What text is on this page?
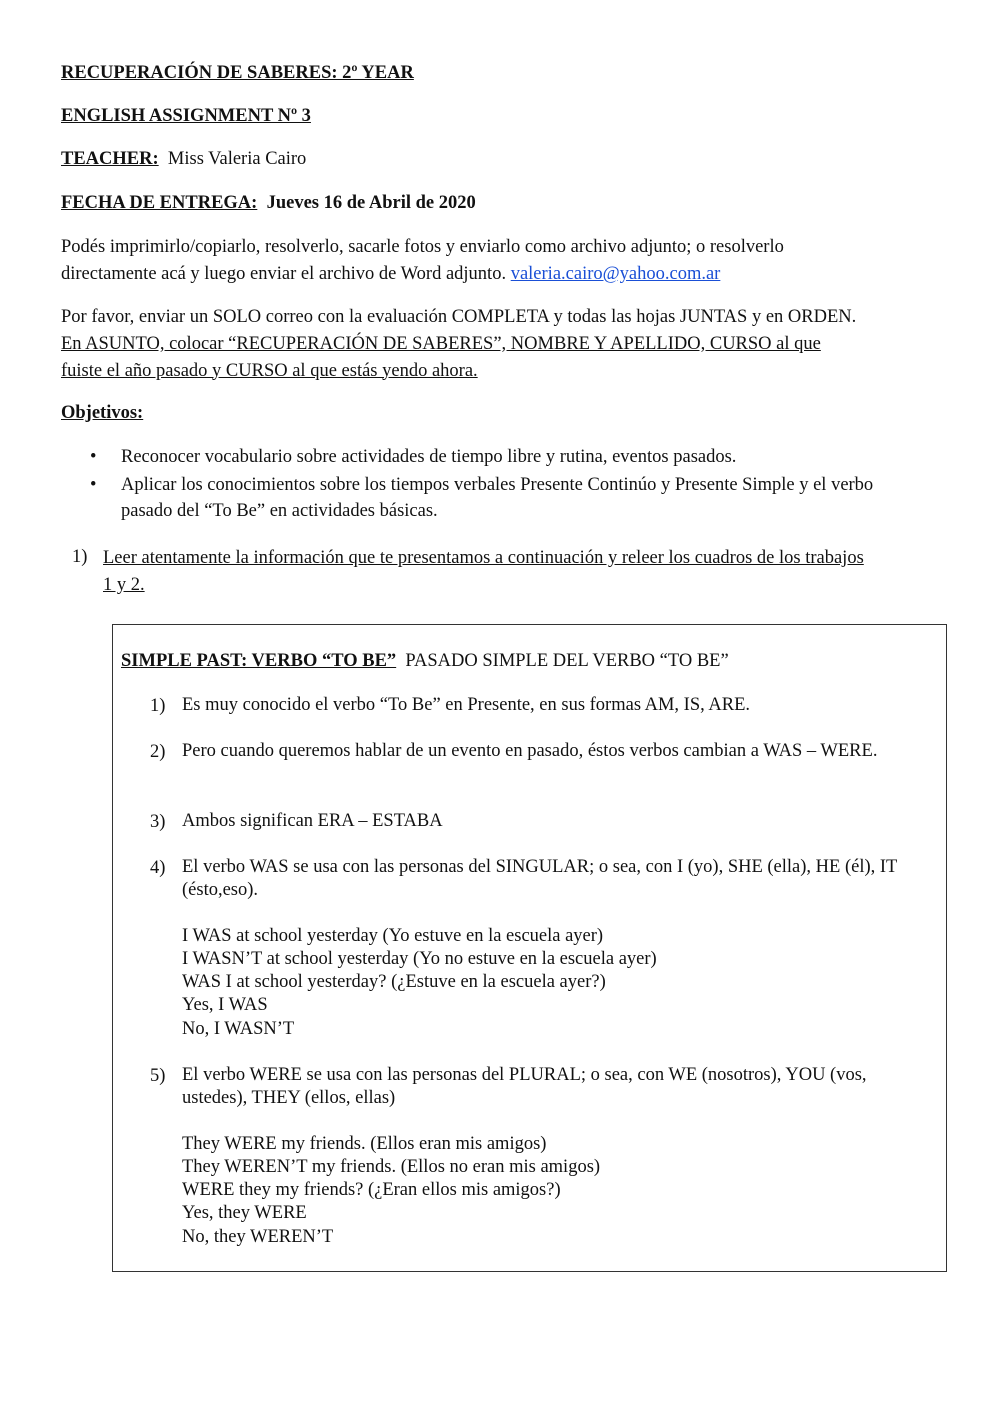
RECUPERACIÓN DE SABERES: 2º YEAR
ENGLISH ASSIGNMENT Nº 3
TEACHER: Miss Valeria Cairo
FECHA DE ENTREGA: Jueves 16 de Abril de 2020
Podés imprimirlo/copiarlo, resolverlo, sacarle fotos y enviarlo como archivo adjunto; o resolverlo
directamente acá y luego enviar el archivo de Word adjunto. valeria.cairo@yahoo.com.ar
Por favor, enviar un SOLO correo con la evaluación COMPLETA y todas las hojas JUNTAS y en ORDEN.
En ASUNTO, colocar “RECUPERACIÓN DE SABERES”, NOMBRE Y APELLIDO, CURSO al que
fuiste el año pasado y CURSO al que estás yendo ahora.
Objetivos:
• Reconocer vocabulario sobre actividades de tiempo libre y rutina, eventos pasados.
• Aplicar los conocimientos sobre los tiempos verbales Presente Continúo y Presente Simple y el verbo pasado del “To Be” en actividades básicas.
1) Leer atentamente la información que te presentamos a continuación y releer los cuadros de los trabajos
1 y 2.
SIMPLE PAST: VERBO “TO BE” PASADO SIMPLE DEL VERBO “TO BE”
1) Es muy conocido el verbo “To Be” en Presente, en sus formas AM, IS, ARE.
2) Pero cuando queremos hablar de un evento en pasado, éstos verbos cambian a WAS – WERE.
3) Ambos significan ERA – ESTABA
4) El verbo WAS se usa con las personas del SINGULAR; o sea, con I (yo), SHE (ella), HE (él), IT (ésto,eso).
I WAS at school yesterday (Yo estuve en la escuela ayer)
I WASN’T at school yesterday (Yo no estuve en la escuela ayer)
WAS I at school yesterday? (¿Estuve en la escuela ayer?)
Yes, I WAS
No, I WASN’T
5) El verbo WERE se usa con las personas del PLURAL; o sea, con WE (nosotros), YOU (vos, ustedes), THEY (ellos, ellas)
They WERE my friends. (Ellos eran mis amigos)
They WEREN’T my friends. (Ellos no eran mis amigos)
WERE they my friends? (¿Eran ellos mis amigos?)
Yes, they WERE
No, they WEREN’T
